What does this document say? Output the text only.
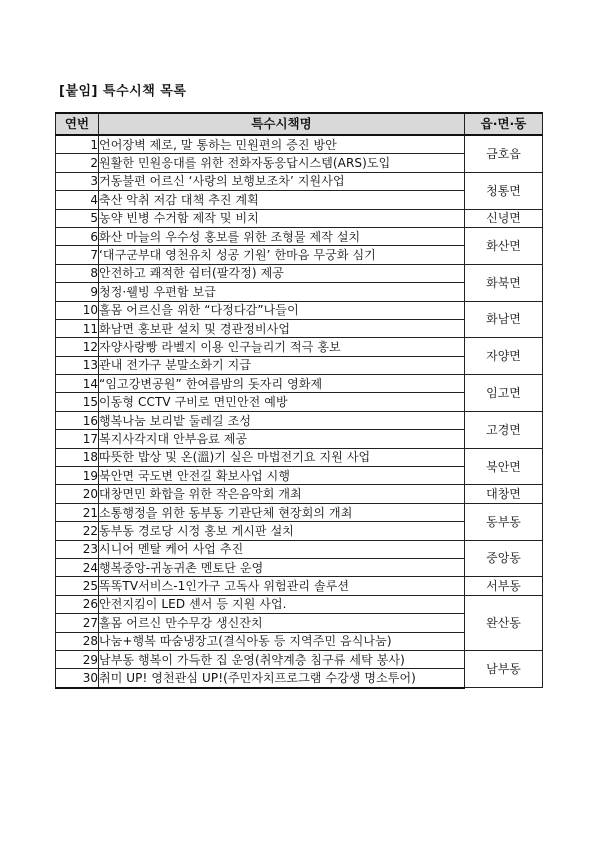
[붙임] 특수시책 목록
연번	특수시책명	읍·면·동
1	언어장벽 제로, 말 통하는 민원편의 증진 방안	금호읍
2	원활한 민원응대를 위한 전화자동응답시스템(ARS)도입	
3	거동불편 어르신 ‘사랑의 보행보조차’ 지원사업	청통면
4	축산 악취 저감 대책 추진 계획	
5	농약 빈병 수거함 제작 및 비치	신녕면
6	화산 마늘의 우수성 홍보를 위한 조형물 제작 설치	화산면
7	‘대구군부대 영천유치 성공 기원’ 한마음 무궁화 심기	
8	안전하고 쾌적한 쉼터(팔각정) 제공	화북면
9	청정·웰빙 우편함 보급	
10	홀몸 어르신을 위한 “다정다감”나들이	화남면
11	화남면 홍보판 설치 및 경관정비사업	
12	자양사랑빵 라벨지 이용 인구늘리기 적극 홍보	자양면
13	관내 전가구 분말소화기 지급	
14	“임고강변공원” 한여름밤의 돗자리 영화제	임고면
15	이동형 CCTV 구비로 면민안전 예방	
16	행복나눔 보리밭 둘레길 조성	고경면
17	복지사각지대 안부음료 제공	
18	따뜻한 밥상 및 온(溫)기 실은 마법전기요 지원 사업	북안면
19	북안면 국도변 안전길 확보사업 시행	
20	대창면민 화합을 위한 작은음악회 개최	대창면
21	소통행정을 위한 동부동 기관단체 현장회의 개최	동부동
22	동부동 경로당 시정 홍보 게시판 설치	
23	시니어 멘탈 케어 사업 추진	중앙동
24	행복중앙-귀농귀촌 멘토단 운영	
25	똑똑TV서비스-1인가구 고독사 위험관리 솔루션	서부동
26	안전지킴이 LED 센서 등 지원 사업.	완산동
27	홀몸 어르신 만수무강 생신잔치	
28	나눔+행복 따숨냉장고(결식아동 등 지역주민 음식나눔)	
29	남부동 행복이 가득한 집 운영(취약계층 침구류 세탁 봉사)	남부동
30	취미 UP! 영천관심 UP!(주민자치프로그램 수강생 명소투어)	
